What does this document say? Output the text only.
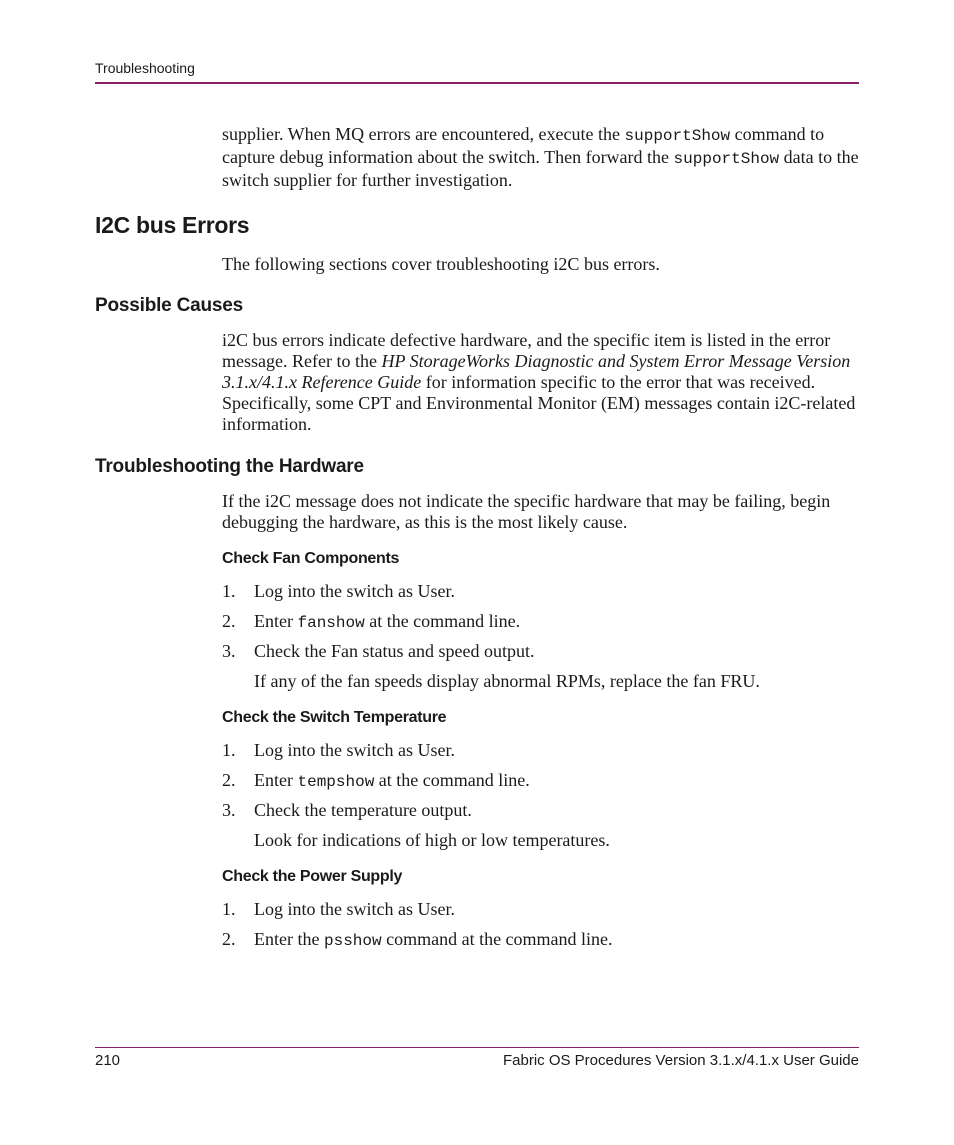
Troubleshooting
supplier. When MQ errors are encountered, execute the supportShow command to capture debug information about the switch. Then forward the supportShow data to the switch supplier for further investigation.
I2C bus Errors
The following sections cover troubleshooting i2C bus errors.
Possible Causes
i2C bus errors indicate defective hardware, and the specific item is listed in the error message. Refer to the HP StorageWorks Diagnostic and System Error Message Version 3.1.x/4.1.x Reference Guide for information specific to the error that was received. Specifically, some CPT and Environmental Monitor (EM) messages contain i2C-related information.
Troubleshooting the Hardware
If the i2C message does not indicate the specific hardware that may be failing, begin debugging the hardware, as this is the most likely cause.
Check Fan Components
1. Log into the switch as User.
2. Enter fanshow at the command line.
3. Check the Fan status and speed output.
If any of the fan speeds display abnormal RPMs, replace the fan FRU.
Check the Switch Temperature
1. Log into the switch as User.
2. Enter tempshow at the command line.
3. Check the temperature output.
Look for indications of high or low temperatures.
Check the Power Supply
1. Log into the switch as User.
2. Enter the psshow command at the command line.
210	Fabric OS Procedures Version 3.1.x/4.1.x User Guide
